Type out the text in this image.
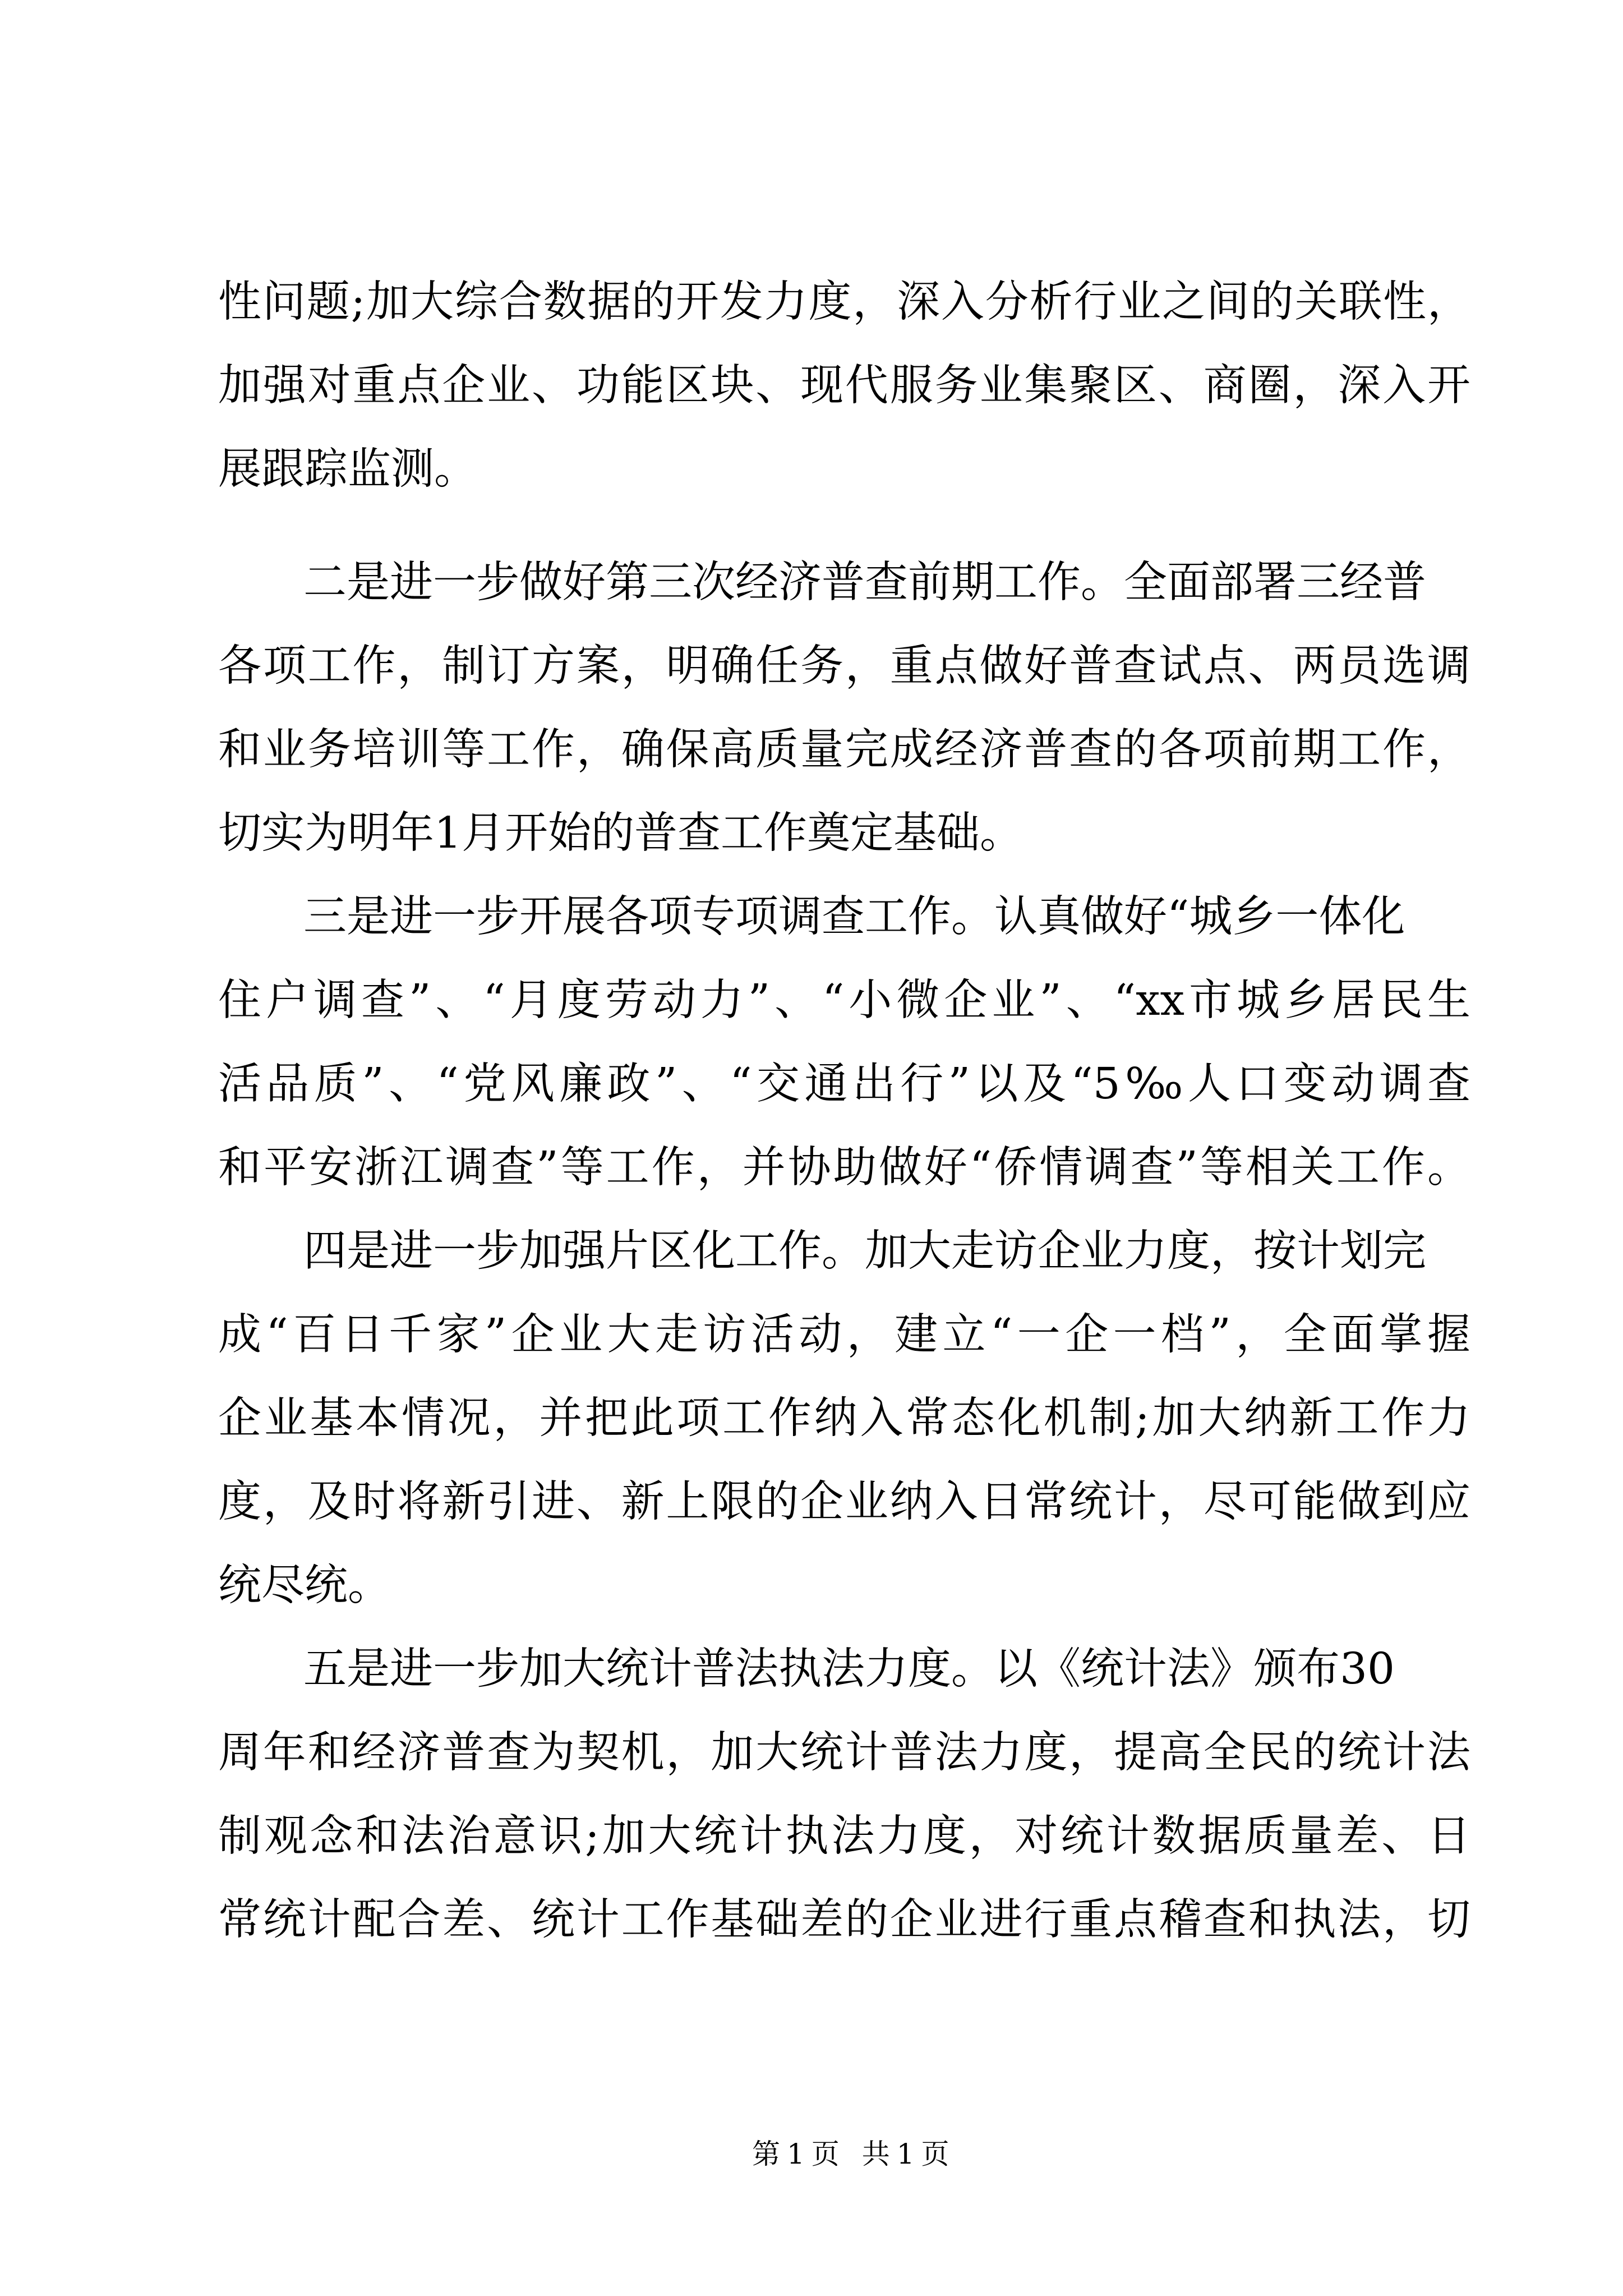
性问题;加大综合数据的开发力度，深入分析行业之间的关联性，
加强对重点企业、功能区块、现代服务业集聚区、商圈，深入开
展跟踪监测。
二是进一步做好第三次经济普查前期工作。全面部署三经普
各项工作，制订方案，明确任务，重点做好普查试点、两员选调
和业务培训等工作，确保高质量完成经济普查的各项前期工作，
切实为明年1月开始的普查工作奠定基础。
三是进一步开展各项专项调查工作。认真做好“城乡一体化
住户调查”、“月度劳动力”、“小微企业”、“xx市城乡居民生
活品质”、“党风廉政”、“交通出行”以及“5‰人口变动调查
和平安浙江调查”等工作，并协助做好“侨情调查”等相关工作。
四是进一步加强片区化工作。加大走访企业力度，按计划完
成“百日千家”企业大走访活动，建立“一企一档”，全面掌握
企业基本情况，并把此项工作纳入常态化机制;加大纳新工作力
度，及时将新引进、新上限的企业纳入日常统计，尽可能做到应
统尽统。
五是进一步加大统计普法执法力度。以《统计法》颁布30
周年和经济普查为契机，加大统计普法力度，提高全民的统计法
制观念和法治意识;加大统计执法力度，对统计数据质量差、日
常统计配合差、统计工作基础差的企业进行重点稽查和执法，切
第1页 共1页
